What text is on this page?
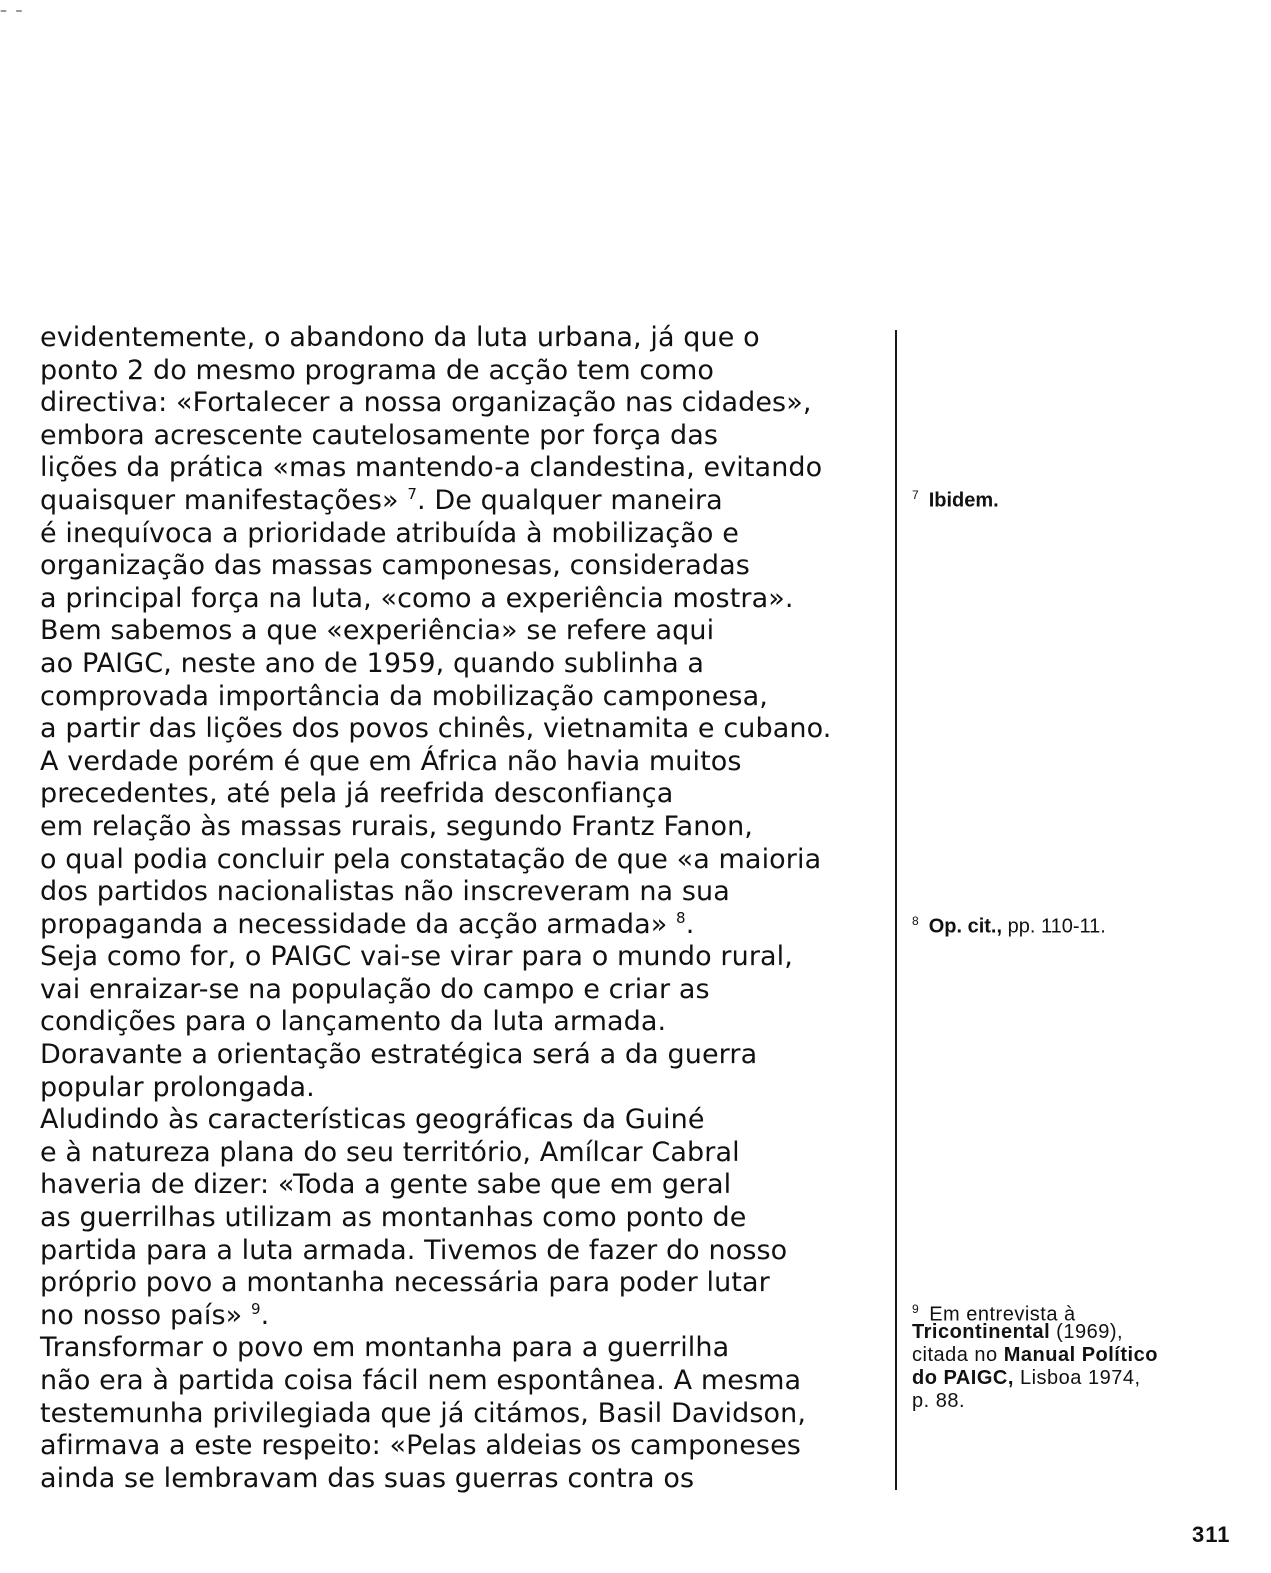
– –
evidentemente, o abandono da luta urbana, já que o
ponto 2 do mesmo programa de acção tem como
directiva: «Fortalecer a nossa organização nas cidades»,
embora acrescente cautelosamente por força das
lições da prática «mas mantendo-a clandestina, evitando
quaisquer manifestações» $^7$. De qualquer maneira
é inequívoca a prioridade atribuída à mobilização e
organização das massas camponesas, consideradas
a principal força na luta, «como a experiência mostra».
Bem sabemos a que «experiência» se refere aqui
ao PAIGC, neste ano de 1959, quando sublinha a
comprovada importância da mobilização camponesa,
a partir das lições dos povos chinês, vietnamita e cubano.
A verdade porém é que em África não havia muitos
precedentes, até pela já reefrida desconfiança
em relação às massas rurais, segundo Frantz Fanon,
o qual podia concluir pela constatação de que «a maioria
dos partidos nacionalistas não inscreveram na sua
propaganda a necessidade da acção armada» $^8$.
Seja como for, o PAIGC vai-se virar para o mundo rural,
vai enraizar-se na população do campo e criar as
condições para o lançamento da luta armada.
Doravante a orientação estratégica será a da guerra
popular prolongada.
Aludindo às características geográficas da Guiné
e à natureza plana do seu território, Amílcar Cabral
haveria de dizer: «Toda a gente sabe que em geral
as guerrilhas utilizam as montanhas como ponto de
partida para a luta armada. Tivemos de fazer do nosso
próprio povo a montanha necessária para poder lutar
no nosso país» $^9$.
Transformar o povo em montanha para a guerrilha
não era à partida coisa fácil nem espontânea. A mesma
testemunha privilegiada que já citámos, Basil Davidson,
afirmava a este respeito: «Pelas aldeias os camponeses
ainda se lembravam das suas guerras contra os
$^7$ Ibidem.
$^8$ Op. cit., pp. 110-11.
$^9$ Em entrevista à
Tricontinental (1969),
citada no Manual Político
do PAIGC, Lisboa 1974,
p. 88.
311
